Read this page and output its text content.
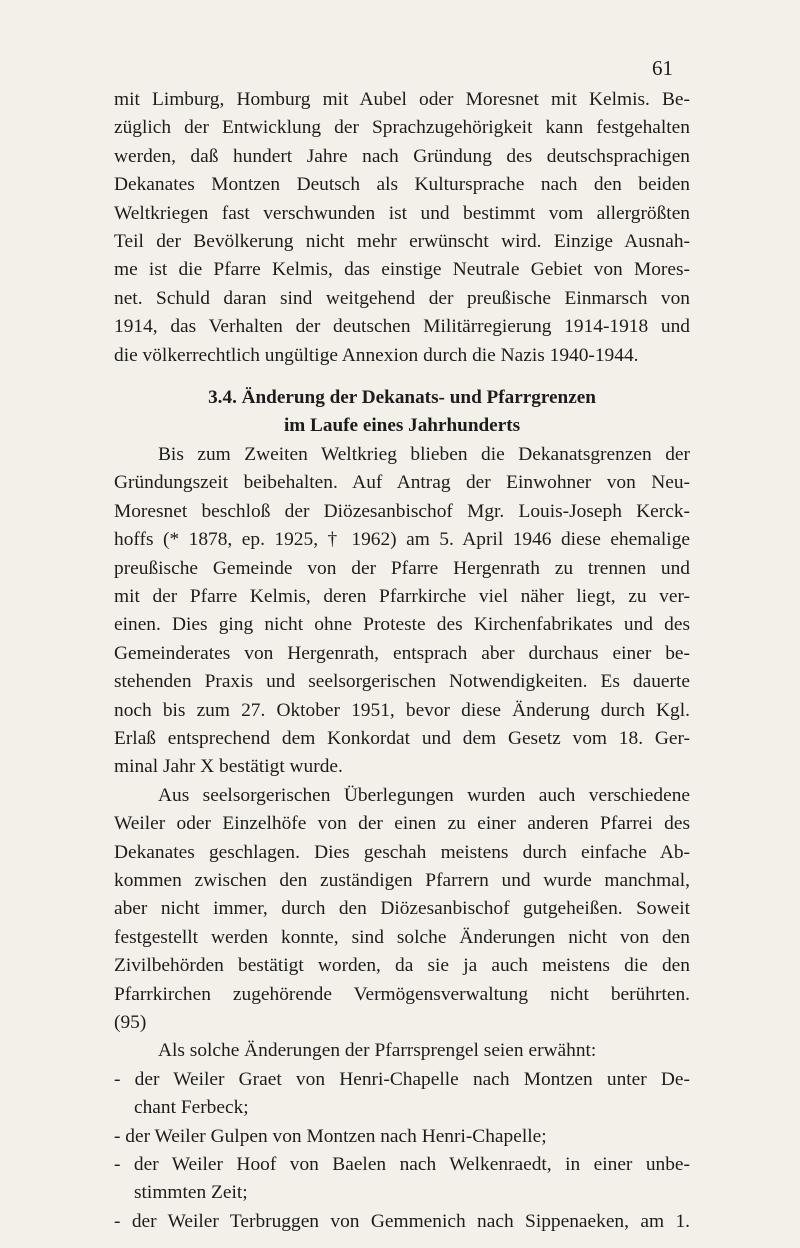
61
mit Limburg, Homburg mit Aubel oder Moresnet mit Kelmis. Be-
züglich der Entwicklung der Sprachzugehörigkeit kann festgehalten
werden, daß hundert Jahre nach Gründung des deutschsprachigen
Dekanates Montzen Deutsch als Kultursprache nach den beiden
Weltkriegen fast verschwunden ist und bestimmt vom allergrößten
Teil der Bevölkerung nicht mehr erwünscht wird. Einzige Ausnah-
me ist die Pfarre Kelmis, das einstige Neutrale Gebiet von Mores-
net. Schuld daran sind weitgehend der preußische Einmarsch von
1914, das Verhalten der deutschen Militärregierung 1914-1918 und
die völkerrechtlich ungültige Annexion durch die Nazis 1940-1944.
3.4. Änderung der Dekanats- und Pfarrgrenzen
im Laufe eines Jahrhunderts
Bis zum Zweiten Weltkrieg blieben die Dekanatsgrenzen der
Gründungszeit beibehalten. Auf Antrag der Einwohner von Neu-
Moresnet beschloß der Diözesanbischof Mgr. Louis-Joseph Kerck-
hoffs (* 1878, ep. 1925, † 1962) am 5. April 1946 diese ehemalige
preußische Gemeinde von der Pfarre Hergenrath zu trennen und
mit der Pfarre Kelmis, deren Pfarrkirche viel näher liegt, zu ver-
einen. Dies ging nicht ohne Proteste des Kirchenfabrikates und des
Gemeinderates von Hergenrath, entsprach aber durchaus einer be-
stehenden Praxis und seelsorgerischen Notwendigkeiten. Es dauerte
noch bis zum 27. Oktober 1951, bevor diese Änderung durch Kgl.
Erlaß entsprechend dem Konkordat und dem Gesetz vom 18. Ger-
minal Jahr X bestätigt wurde.
Aus seelsorgerischen Überlegungen wurden auch verschiedene
Weiler oder Einzelhöfe von der einen zu einer anderen Pfarrei des
Dekanates geschlagen. Dies geschah meistens durch einfache Ab-
kommen zwischen den zuständigen Pfarrern und wurde manchmal,
aber nicht immer, durch den Diözesanbischof gutgeheißen. Soweit
festgestellt werden konnte, sind solche Änderungen nicht von den
Zivilbehörden bestätigt worden, da sie ja auch meistens die den
Pfarrkirchen zugehörende Vermögensverwaltung nicht berührten.
(95)
Als solche Änderungen der Pfarrsprengel seien erwähnt:
- der Weiler Graet von Henri-Chapelle nach Montzen unter De-
chant Ferbeck;
- der Weiler Gulpen von Montzen nach Henri-Chapelle;
- der Weiler Hoof von Baelen nach Welkenraedt, in einer unbe-
stimmten Zeit;
- der Weiler Terbruggen von Gemmenich nach Sippenaeken, am 1.
